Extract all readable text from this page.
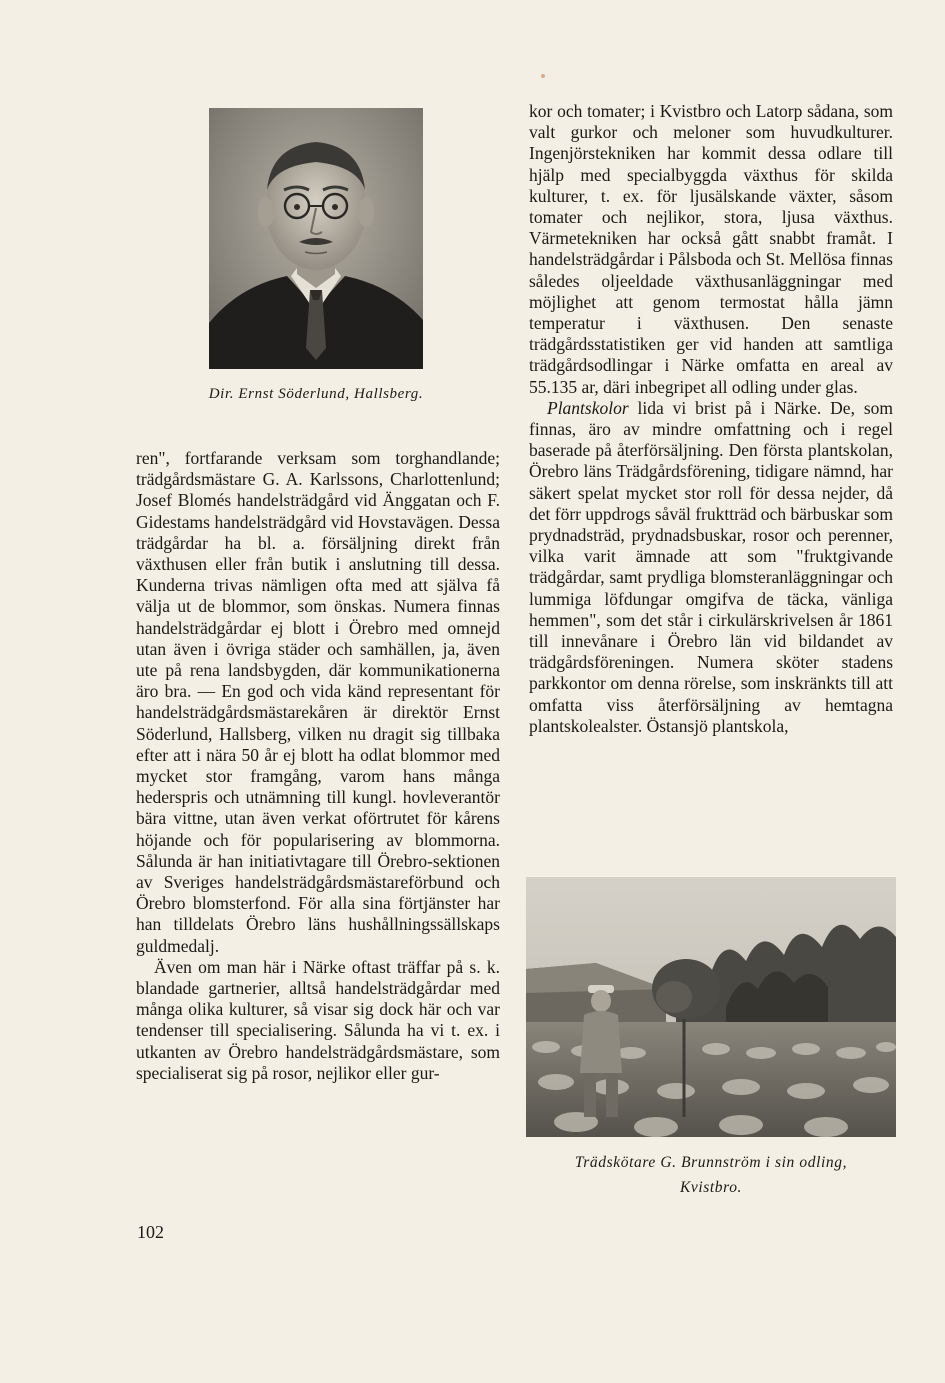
Dir. Ernst Söderlund, Hallsberg.

ren", fortfarande verksam som torghandlande; trädgårdsmästare G. A. Karlssons, Charlottenlund; Josef Blomés handelsträdgård vid Änggatan och F. Gidestams handelsträdgård vid Hovstavägen. Dessa trädgårdar ha bl. a. försäljning direkt från växthusen eller från butik i anslutning till dessa. Kunderna trivas nämligen ofta med att själva få välja ut de blommor, som önskas. Numera finnas handelsträdgårdar ej blott i Örebro med omnejd utan även i övriga städer och samhällen, ja, även ute på rena landsbygden, där kommunikationerna äro bra. — En god och vida känd representant för handelsträdgårdsmästarekåren är direktör Ernst Söderlund, Hallsberg, vilken nu dragit sig tillbaka efter att i nära 50 år ej blott ha odlat blommor med mycket stor framgång, varom hans många hederspris och utnämning till kungl. hovleverantör bära vittne, utan även verkat oförtrutet för kårens höjande och för popularisering av blommorna. Sålunda är han initiativtagare till Örebro-sektionen av Sveriges handelsträdgårdsmästareförbund och Örebro blomsterfond. För alla sina förtjänster har han tilldelats Örebro läns hushållningssällskaps guldmedalj.

Även om man här i Närke oftast träffar på s. k. blandade gartnerier, alltså handelsträdgårdar med många olika kulturer, så visar sig dock här och var tendenser till specialisering. Sålunda ha vi t. ex. i utkanten av Örebro handelsträdgårdsmästare, som specialiserat sig på rosor, nejlikor eller gur-

kor och tomater; i Kvistbro och Latorp sådana, som valt gurkor och meloner som huvudkulturer. Ingenjörstekniken har kommit dessa odlare till hjälp med specialbyggda växthus för skilda kulturer, t. ex. för ljusälskande växter, såsom tomater och nejlikor, stora, ljusa växthus. Värmetekniken har också gått snabbt framåt. I handelsträdgårdar i Pålsboda och St. Mellösa finnas således oljeeldade växthusanläggningar med möjlighet att genom termostat hålla jämn temperatur i växthusen. Den senaste trädgårdsstatistiken ger vid handen att samtliga trädgårdsodlingar i Närke omfatta en areal av 55.135 ar, däri inbegripet all odling under glas.

Plantskolor lida vi brist på i Närke. De, som finnas, äro av mindre omfattning och i regel baserade på återförsäljning. Den första plantskolan, Örebro läns Trädgårdsförening, tidigare nämnd, har säkert spelat mycket stor roll för dessa nejder, då det förr uppdrogs såväl fruktträd och bärbuskar som prydnadsträd, prydnadsbuskar, rosor och perenner, vilka varit ämnade att som "fruktgivande trädgårdar, samt prydliga blomsteranläggningar och lummiga löfdungar omgifva de täcka, vänliga hemmen", som det står i cirkulärskrivelsen år 1861 till innevånare i Örebro län vid bildandet av trädgårdsföreningen. Numera sköter stadens parkkontor om denna rörelse, som inskränkts till att omfatta viss återförsäljning av hemtagna plantskolealster. Östansjö plantskola,

Trädskötare G. Brunnström i sin odling,
Kvistbro.
102
